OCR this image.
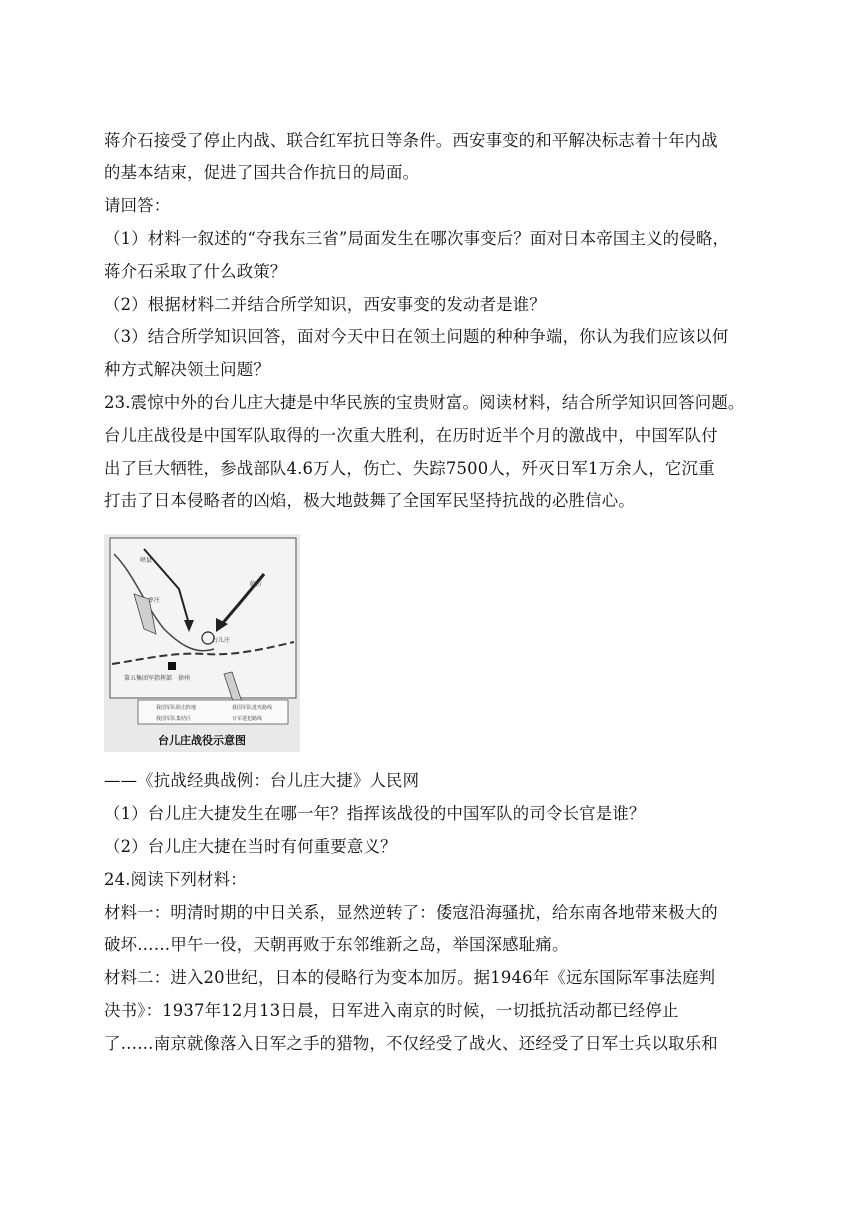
蒋介石接受了停止内战、联合红军抗日等条件。西安事变的和平解决标志着十年内战
的基本结束，促进了国共合作抗日的局面。
请回答：
（1）材料一叙述的“夺我东三省”局面发生在哪次事变后？面对日本帝国主义的侵略，
蒋介石采取了什么政策？
（2）根据材料二并结合所学知识，西安事变的发动者是谁？
（3）结合所学知识回答，面对今天中日在领土问题的种种争端，你认为我们应该以何
种方式解决领土问题？
23.震惊中外的台儿庄大捷是中华民族的宝贵财富。阅读材料，结合所学知识回答问题。
台儿庄战役是中国军队取得的一次重大胜利，在历时近半个月的激战中，中国军队付
出了巨大牺牲，参战部队4.6万人，伤亡、失踪7500人，歼灭日军1万余人，它沉重
打击了日本侵略者的凶焰，极大地鼓舞了全国军民坚持抗战的必胜信心。
峄县
枣庄
临沂
台儿庄
第五集团军指挥部 徐州
我国军队阻击阵地	我国军队进攻路线
我国军队集结区	日军进犯路线
台儿庄战役示意图
——《抗战经典战例：台儿庄大捷》人民网
（1）台儿庄大捷发生在哪一年？指挥该战役的中国军队的司令长官是谁？
（2）台儿庄大捷在当时有何重要意义？
24.阅读下列材料：
材料一：明清时期的中日关系，显然逆转了：倭寇沿海骚扰，给东南各地带来极大的
破坏……甲午一役，天朝再败于东邻维新之岛，举国深感耻痛。
材料二：进入20世纪，日本的侵略行为变本加厉。据1946年《远东国际军事法庭判
决书》：1937年12月13日晨，日军进入南京的时候，一切抵抗活动都已经停止
了……南京就像落入日军之手的猎物，不仅经受了战火、还经受了日军士兵以取乐和
